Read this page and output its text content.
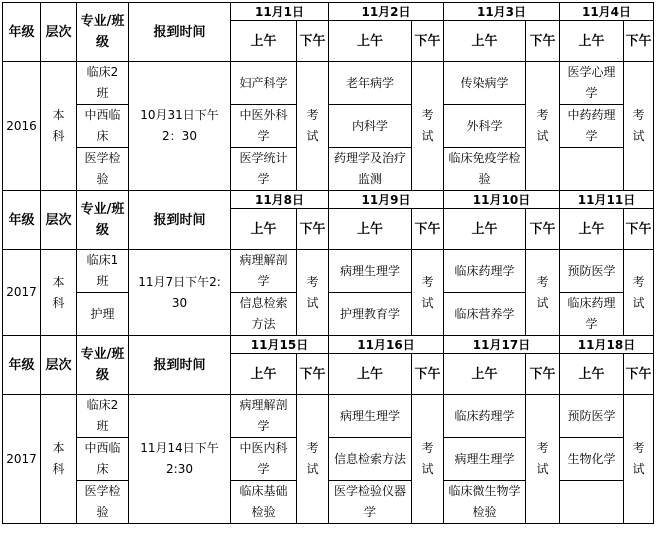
年级	层次	专业/班级	报到时间	11月1日		11月2日		11月3日		11月4日	
				上午	下午	上午	下午	上午	下午	上午	下午
2016	本科	临床2班	10月31日下午2：30	妇产科学	考试	老年病学	考试	传染病学	考试	医学心理学	考试
		中西临床		中医外科学		内科学		外科学		中药药理学	
		医学检验		医学统计学		药理学及治疗监测		临床免疫学检验			
年级	层次	专业/班级	报到时间	11月8日		11月9日		11月10日		11月11日	
				上午	下午	上午	下午	上午	下午	上午	下午
2017	本科	临床1班	11月7日下午2:30	病理解剖学	考试	病理生理学	考试	临床药理学	考试	预防医学	考试
		护理		信息检索方法		护理教育学		临床营养学		临床药理学	
年级	层次	专业/班级	报到时间	11月15日		11月16日		11月17日		11月18日	
				上午	下午	上午	下午	上午	下午	上午	下午
2017	本科	临床2班	11月14日下午2:30	病理解剖学	考试	病理生理学	考试	临床药理学	考试	预防医学	考试
		中西临床		中医内科学		信息检索方法		病理生理学		生物化学	
		医学检验		临床基础检验		医学检验仪器学		临床微生物学检验			
